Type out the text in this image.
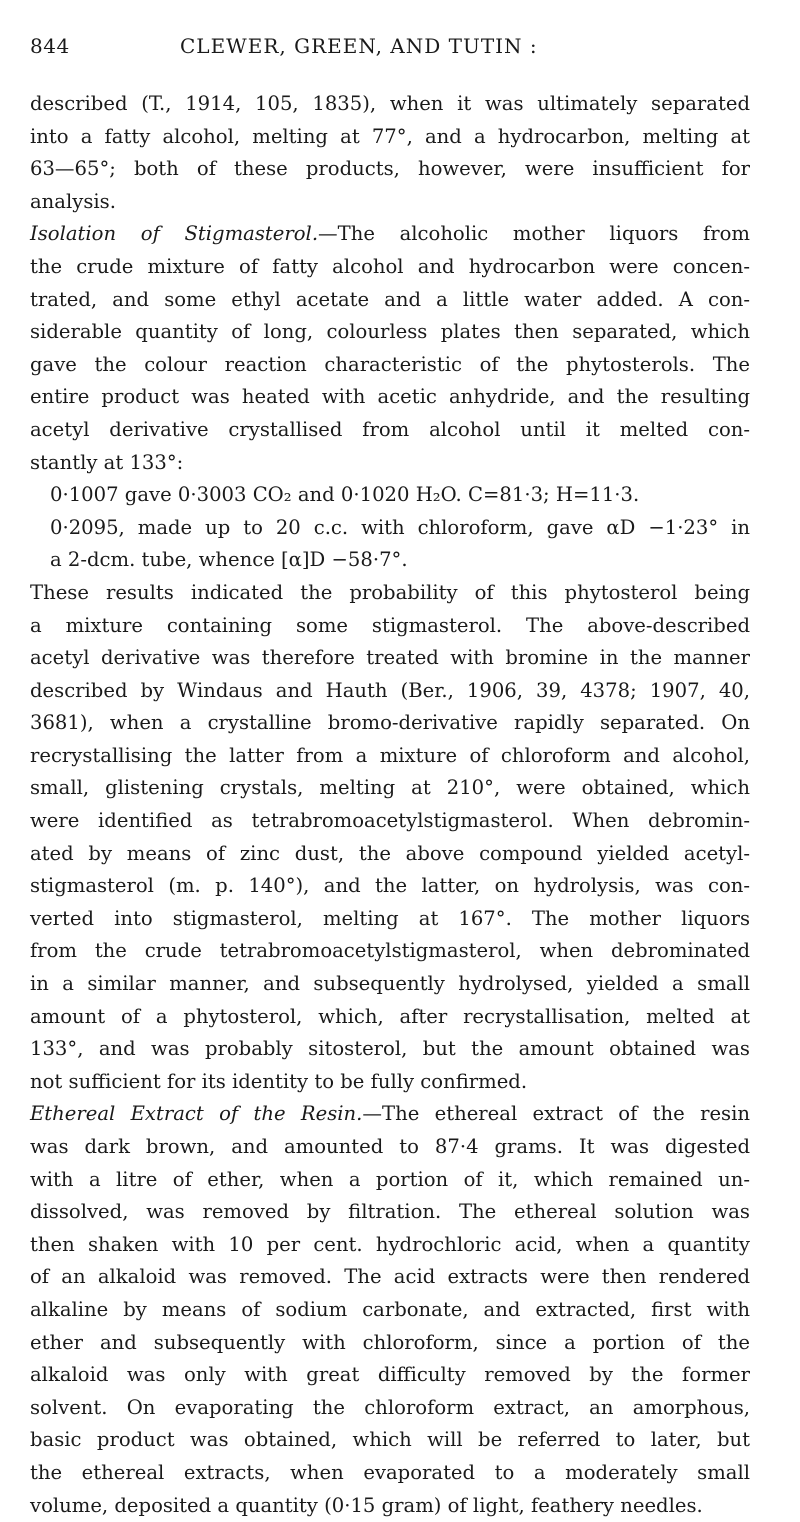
844	CLEWER, GREEN, AND TUTIN :
described (T., 1914, 105, 1835), when it was ultimately separated
into a fatty alcohol, melting at 77°, and a hydrocarbon, melting at
63—65°; both of these products, however, were insufficient for
analysis.
Isolation of Stigmasterol.—The alcoholic mother liquors from
the crude mixture of fatty alcohol and hydrocarbon were concen-
trated, and some ethyl acetate and a little water added. A con-
siderable quantity of long, colourless plates then separated, which
gave the colour reaction characteristic of the phytosterols. The
entire product was heated with acetic anhydride, and the resulting
acetyl derivative crystallised from alcohol until it melted con-
stantly at 133°:
0·1007 gave 0·3003 CO₂ and 0·1020 H₂O. C=81·3; H=11·3.
0·2095, made up to 20 c.c. with chloroform, gave αD −1·23° in
a 2-dcm. tube, whence [α]D −58·7°.
These results indicated the probability of this phytosterol being
a mixture containing some stigmasterol. The above-described
acetyl derivative was therefore treated with bromine in the manner
described by Windaus and Hauth (Ber., 1906, 39, 4378; 1907, 40,
3681), when a crystalline bromo-derivative rapidly separated. On
recrystallising the latter from a mixture of chloroform and alcohol,
small, glistening crystals, melting at 210°, were obtained, which
were identified as tetrabromoacetylstigmasterol. When debromin-
ated by means of zinc dust, the above compound yielded acetyl-
stigmasterol (m. p. 140°), and the latter, on hydrolysis, was con-
verted into stigmasterol, melting at 167°. The mother liquors
from the crude tetrabromoacetylstigmasterol, when debrominated
in a similar manner, and subsequently hydrolysed, yielded a small
amount of a phytosterol, which, after recrystallisation, melted at
133°, and was probably sitosterol, but the amount obtained was
not sufficient for its identity to be fully confirmed.
Ethereal Extract of the Resin.—The ethereal extract of the resin
was dark brown, and amounted to 87·4 grams. It was digested
with a litre of ether, when a portion of it, which remained un-
dissolved, was removed by filtration. The ethereal solution was
then shaken with 10 per cent. hydrochloric acid, when a quantity
of an alkaloid was removed. The acid extracts were then rendered
alkaline by means of sodium carbonate, and extracted, first with
ether and subsequently with chloroform, since a portion of the
alkaloid was only with great difficulty removed by the former
solvent. On evaporating the chloroform extract, an amorphous,
basic product was obtained, which will be referred to later, but
the ethereal extracts, when evaporated to a moderately small
volume, deposited a quantity (0·15 gram) of light, feathery needles.
